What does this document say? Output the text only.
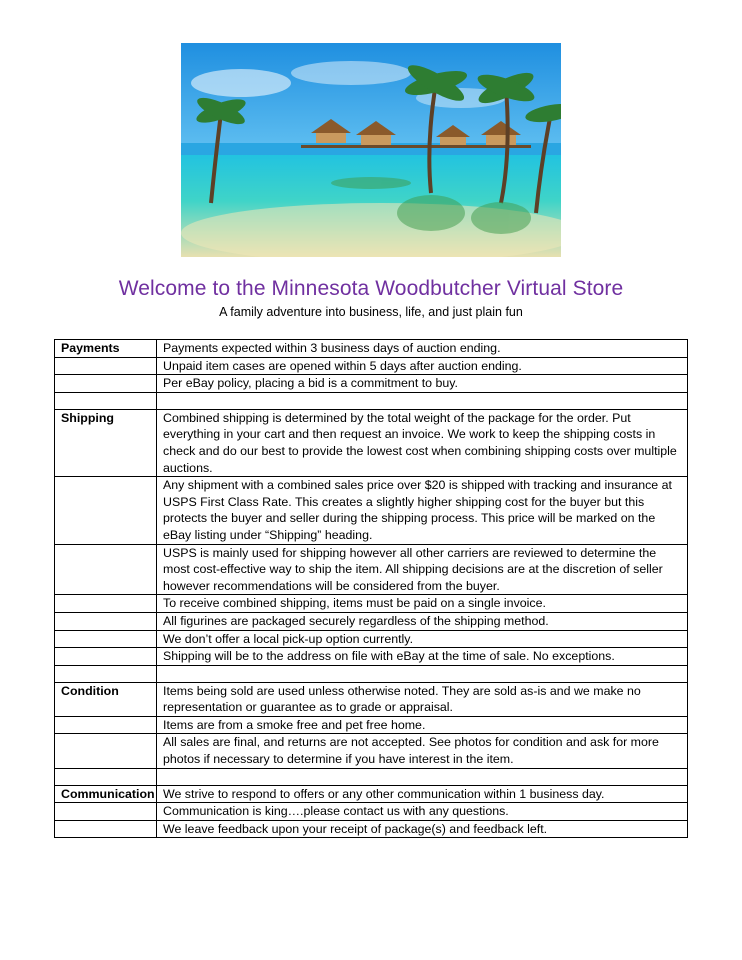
Welcome to the Minnesota Woodbutcher Virtual Store
A family adventure into business, life, and just plain fun
Payments	Payments expected within 3 business days of auction ending.
	Unpaid item cases are opened within 5 days after auction ending.
	Per eBay policy, placing a bid is a commitment to buy.

Shipping	Combined shipping is determined by the total weight of the package for the order. Put everything in your cart and then request an invoice. We work to keep the shipping costs in check and do our best to provide the lowest cost when combining shipping costs over multiple auctions.
	Any shipment with a combined sales price over $20 is shipped with tracking and insurance at USPS First Class Rate. This creates a slightly higher shipping cost for the buyer but this protects the buyer and seller during the shipping process. This price will be marked on the eBay listing under “Shipping” heading.
	USPS is mainly used for shipping however all other carriers are reviewed to determine the most cost-effective way to ship the item. All shipping decisions are at the discretion of seller however recommendations will be considered from the buyer.
	To receive combined shipping, items must be paid on a single invoice.
	All figurines are packaged securely regardless of the shipping method.
	We don’t offer a local pick-up option currently.
	Shipping will be to the address on file with eBay at the time of sale. No exceptions.

Condition	Items being sold are used unless otherwise noted. They are sold as-is and we make no representation or guarantee as to grade or appraisal.
	Items are from a smoke free and pet free home.
	All sales are final, and returns are not accepted. See photos for condition and ask for more photos if necessary to determine if you have interest in the item.

Communication	We strive to respond to offers or any other communication within 1 business day.
	Communication is king….please contact us with any questions.
	We leave feedback upon your receipt of package(s) and feedback left.
